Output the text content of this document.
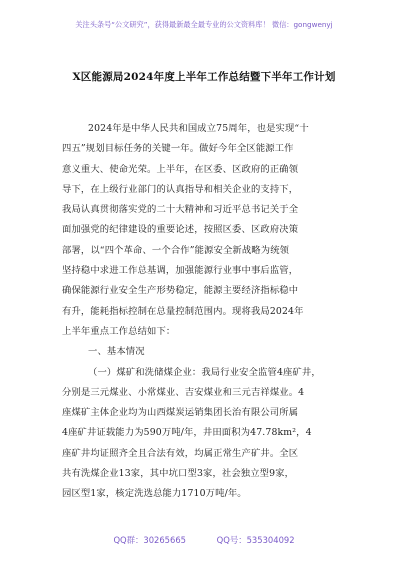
关注头条号“公文研究”，获得最新最全最专业的公文资料库！ 微信：gongwenyj
X区能源局2024年度上半年工作总结暨下半年工作计划
2024年是中华人民共和国成立75周年，也是实现“十
四五”规划目标任务的关键一年。做好今年全区能源工作
意义重大、使命光荣。上半年，在区委、区政府的正确领
导下，在上级行业部门的认真指导和相关企业的支持下，
我局认真贯彻落实党的二十大精神和习近平总书记关于全
面加强党的纪律建设的重要论述，按照区委、区政府决策
部署，以“四个革命、一个合作”能源安全新战略为统领
坚持稳中求进工作总基调，加强能源行业事中事后监管，
确保能源行业安全生产形势稳定，能源主要经济指标稳中
有升，能耗指标控制在总量控制范围内。现将我局2024年
上半年重点工作总结如下：
一、基本情况
（一）煤矿和洗储煤企业：我局行业安全监管4座矿井，
分别是三元煤业、小常煤业、吉安煤业和三元吉祥煤业。4
座煤矿主体企业均为山西煤炭运销集团长治有限公司所属
4座矿井证载能力为590万吨/年，井田面积为47.78km²，4
座矿井均证照齐全且合法有效，均属正常生产矿井。全区
共有洗煤企业13家，其中坑口型3家，社会独立型9家，
园区型1家，核定洗选总能力1710万吨/年。
QQ群：30265665	QQ号：535304092
